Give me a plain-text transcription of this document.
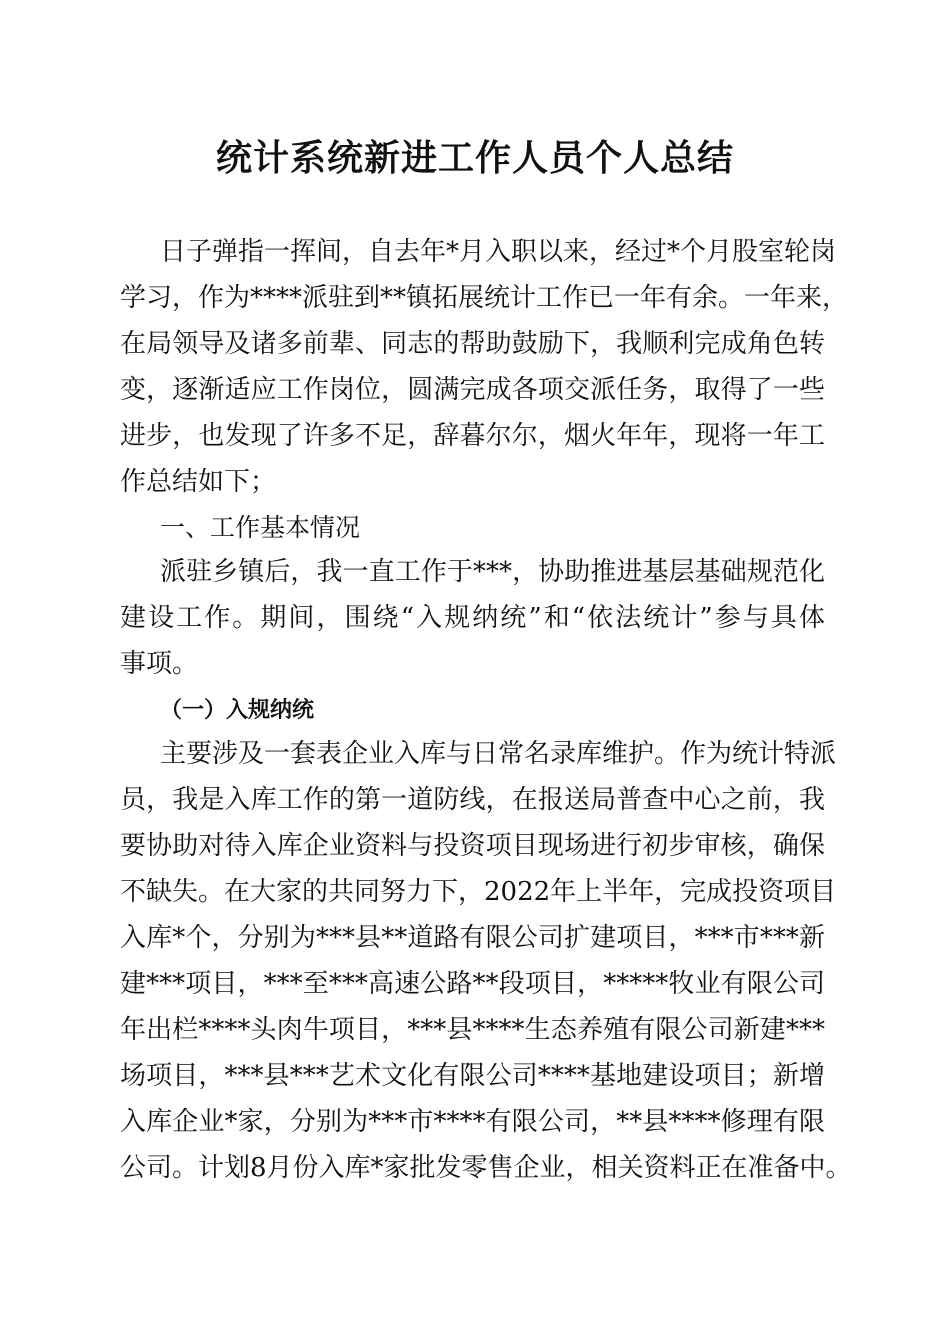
统计系统新进工作人员个人总结

日子弹指一挥间，自去年*月入职以来，经过*个月股室轮岗

学习，作为****派驻到**镇拓展统计工作已一年有余。一年来，

在局领导及诸多前辈、同志的帮助鼓励下，我顺利完成角色转

变，逐渐适应工作岗位，圆满完成各项交派任务，取得了一些

进步，也发现了许多不足，辞暮尔尔，烟火年年，现将一年工

作总结如下；

一、工作基本情况

派驻乡镇后，我一直工作于***，协助推进基层基础规范化

建设工作。期间，围绕“入规纳统”和“依法统计”参与具体

事项。

（一）入规纳统

主要涉及一套表企业入库与日常名录库维护。作为统计特派

员，我是入库工作的第一道防线，在报送局普查中心之前，我

要协助对待入库企业资料与投资项目现场进行初步审核，确保

不缺失。在大家的共同努力下，2022年上半年，完成投资项目

入库*个，分别为***县**道路有限公司扩建项目，***市***新

建***项目，***至***高速公路**段项目，*****牧业有限公司

年出栏****头肉牛项目，***县****生态养殖有限公司新建***

场项目，***县***艺术文化有限公司****基地建设项目；新增

入库企业*家，分别为***市****有限公司，**县****修理有限

公司。计划8月份入库*家批发零售企业，相关资料正在准备中。
